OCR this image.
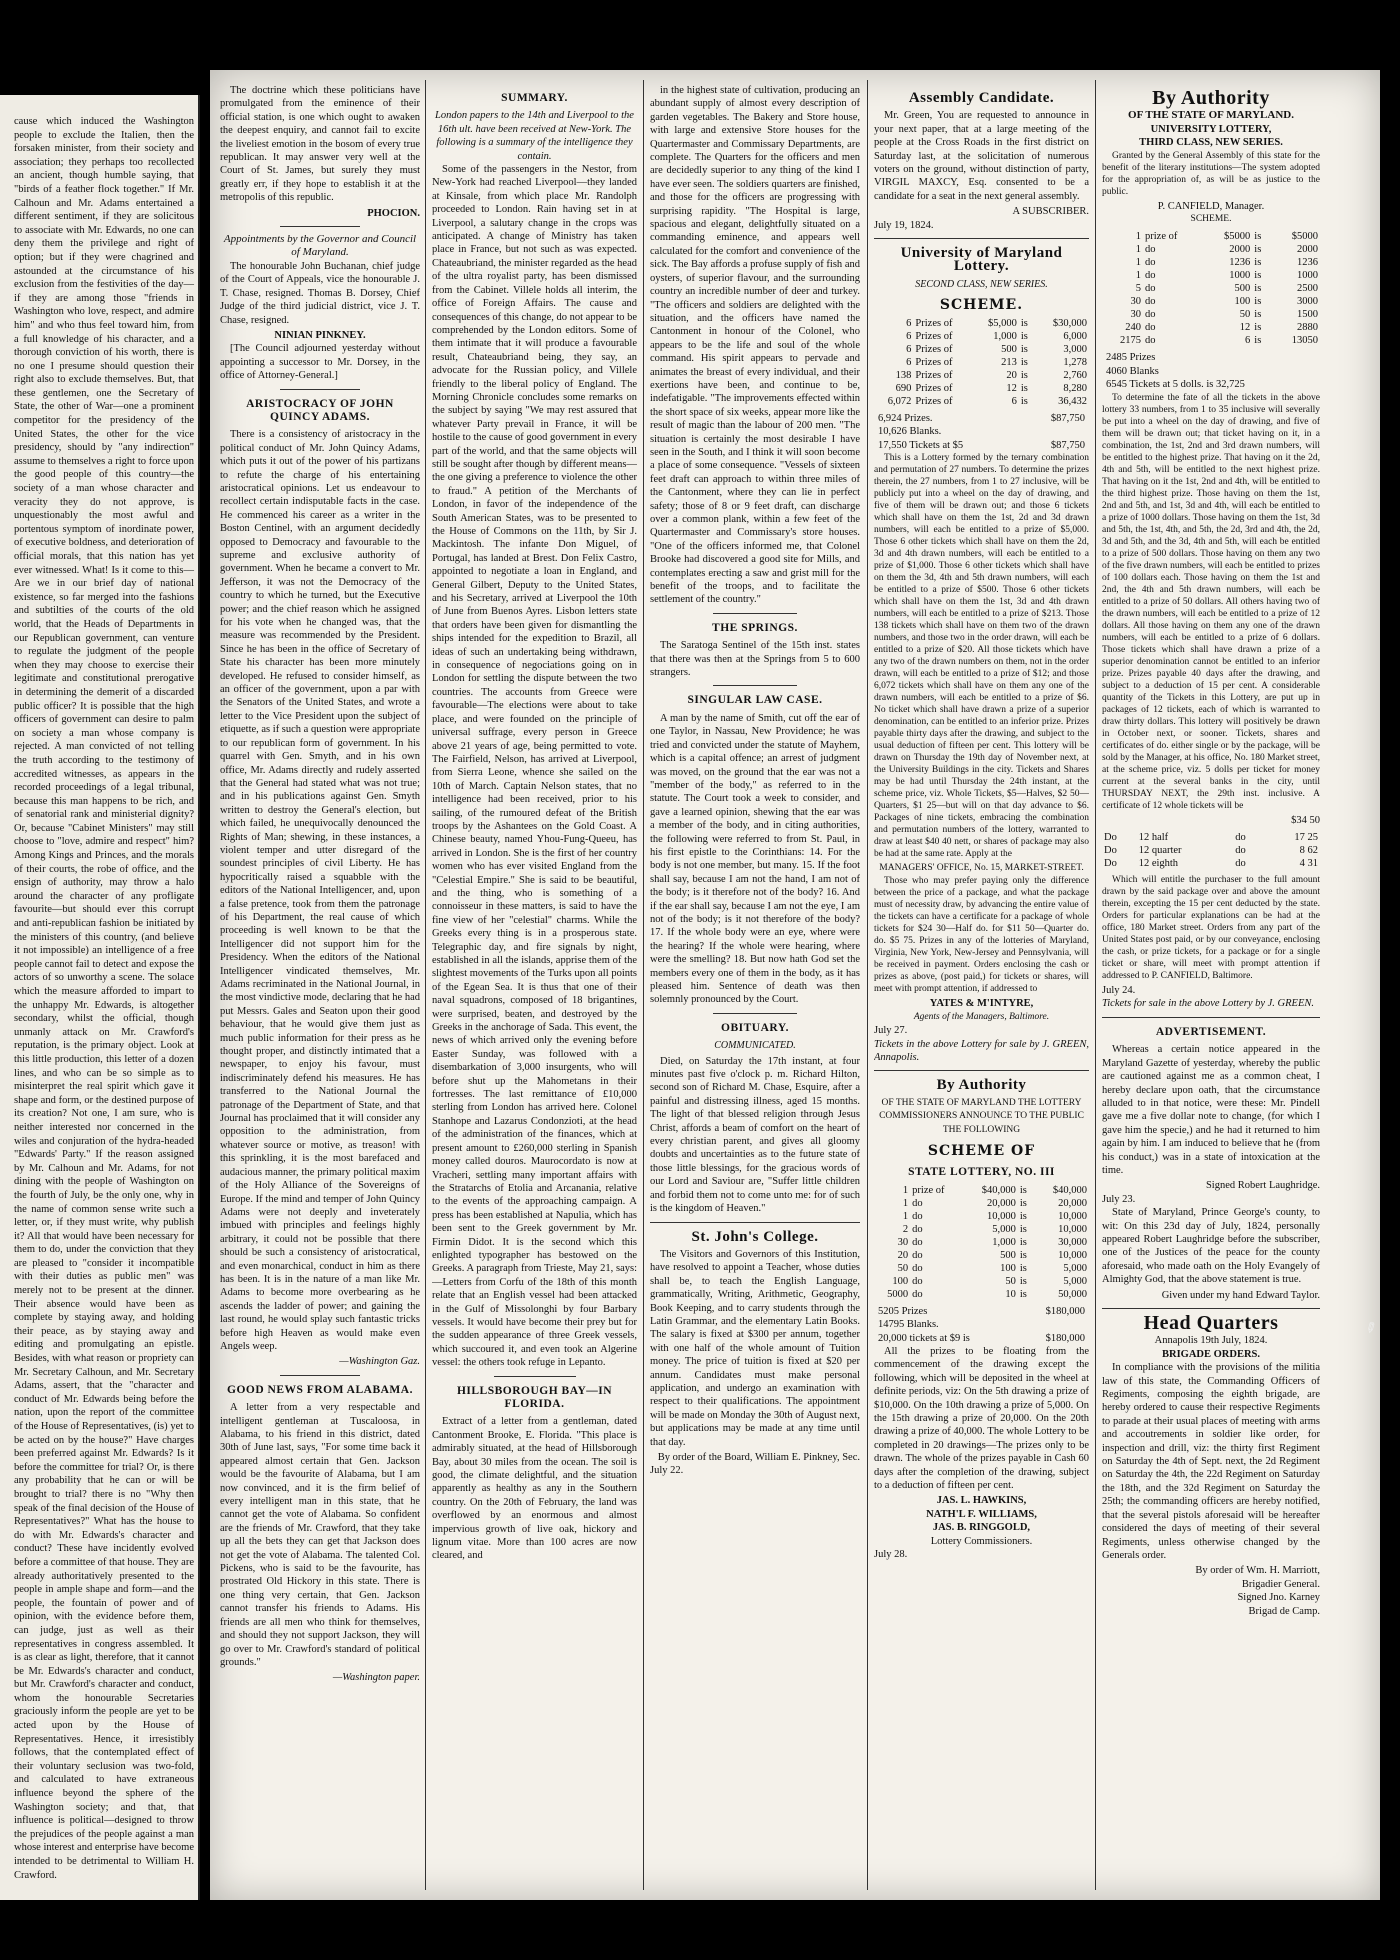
cause which induced the Washington people to exclude the Italien, then the forsaken minister, from their society and association; they perhaps too recollected an ancient, though humble saying, that "birds of a feather flock together." If Mr. Calhoun and Mr. Adams entertained a different sentiment, if they are solicitous to associate with Mr. Edwards, no one can deny them the privilege and right of option; but if they were chagrined and astounded at the circumstance of his exclusion from the festivities of the day—if they are among those "friends in Washington who love, respect, and admire him" and who thus feel toward him, from a full knowledge of his character, and a thorough conviction of his worth, there is no one I presume should question their right also to exclude themselves. But, that these gentlemen, one the Secretary of State, the other of War—one a prominent competitor for the presidency of the United States, the other for the vice presidency, should by "any indirection" assume to themselves a right to force upon the good people of this country—the society of a man whose character and veracity they do not approve, is unquestionably the most awful and portentous symptom of inordinate power, of executive boldness, and deterioration of official morals, that this nation has yet ever witnessed. What! Is it come to this—Are we in our brief day of national existence, so far merged into the fashions and subtilties of the courts of the old world, that the Heads of Departments in our Republican government, can venture to regulate the judgment of the people when they may choose to exercise their legitimate and constitutional prerogative in determining the demerit of a discarded public officer? It is possible that the high officers of government can desire to palm on society a man whose company is rejected. A man convicted of not telling the truth according to the testimony of accredited witnesses, as appears in the recorded proceedings of a legal tribunal, because this man happens to be rich, and of senatorial rank and ministerial dignity? Or, because "Cabinet Ministers" may still choose to "love, admire and respect" him? Among Kings and Princes, and the morals of their courts, the robe of office, and the ensign of authority, may throw a halo around the character of any profligate favourite—but should ever this corrupt and anti-republican fashion be initiated by the ministers of this country, (and believe it not impossible) an intelligence of a free people cannot fail to detect and expose the actors of so unworthy a scene. The solace which the measure afforded to impart to the unhappy Mr. Edwards, is altogether secondary, whilst the official, though unmanly attack on Mr. Crawford's reputation, is the primary object. Look at this little production, this letter of a dozen lines, and who can be so simple as to misinterpret the real spirit which gave it shape and form, or the destined purpose of its creation? Not one, I am sure, who is neither interested nor concerned in the wiles and conjuration of the hydra-headed "Edwards' Party." If the reason assigned by Mr. Calhoun and Mr. Adams, for not dining with the people of Washington on the fourth of July, be the only one, why in the name of common sense write such a letter, or, if they must write, why publish it? All that would have been necessary for them to do, under the conviction that they are pleased to "consider it incompatible with their duties as public men" was merely not to be present at the dinner. Their absence would have been as complete by staying away, and holding their peace, as by staying away and editing and promulgating an epistle. Besides, with what reason or propriety can Mr. Secretary Calhoun, and Mr. Secretary Adams, assert, that the "character and conduct of Mr. Edwards being before the nation, upon the report of the committee of the House of Representatives, (is) yet to be acted on by the house?" Have charges been preferred against Mr. Edwards? Is it before the committee for trial? Or, is there any probability that he can or will be brought to trial? there is no "Why then speak of the final decision of the House of Representatives?" What has the house to do with Mr. Edwards's character and conduct? These have incidently evolved before a committee of that house. They are already authoritatively presented to the people in ample shape and form—and the people, the fountain of power and of opinion, with the evidence before them, can judge, just as well as their representatives in congress assembled. It is as clear as light, therefore, that it cannot be Mr. Edwards's character and conduct, but Mr. Crawford's character and conduct, whom the honourable Secretaries graciously inform the people are yet to be acted upon by the House of Representatives. Hence, it irresistibly follows, that the contemplated effect of their voluntary seclusion was two-fold, and calculated to have extraneous influence beyond the sphere of the Washington society; and that, that influence is political—designed to throw the prejudices of the people against a man whose interest and enterprise have become intended to be detrimental to William H. Crawford.

The doctrine which these politicians have promulgated from the eminence of their official station, is one which ought to awaken the deepest enquiry, and cannot fail to excite the liveliest emotion in the bosom of every true republican. It may answer very well at the Court of St. James, but surely they must greatly err, if they hope to establish it at the metropolis of this republic.

PHOCION.
Appointments by the Governor and Council of Maryland.

The honourable John Buchanan, chief judge of the Court of Appeals, vice the honourable J. T. Chase, resigned. Thomas B. Dorsey, Chief Judge of the third judicial district, vice J. T. Chase, resigned.

NINIAN PINKNEY.

[The Council adjourned yesterday without appointing a successor to Mr. Dorsey, in the office of Attorney-General.]

ARISTOCRACY OF JOHN QUINCY ADAMS.

There is a consistency of aristocracy in the political conduct of Mr. John Quincy Adams, which puts it out of the power of his partizans to refute the charge of his entertaining aristocratical opinions. Let us endeavour to recollect certain indisputable facts in the case. He commenced his career as a writer in the Boston Centinel, with an argument decidedly opposed to Democracy and favourable to the supreme and exclusive authority of government. When he became a convert to Mr. Jefferson, it was not the Democracy of the country to which he turned, but the Executive power; and the chief reason which he assigned for his vote when he changed was, that the measure was recommended by the President. Since he has been in the office of Secretary of State his character has been more minutely developed. He refused to consider himself, as an officer of the government, upon a par with the Senators of the United States, and wrote a letter to the Vice President upon the subject of etiquette, as if such a question were appropriate to our republican form of government. In his quarrel with Gen. Smyth, and in his own office, Mr. Adams directly and rudely asserted that the General had stated what was not true; and in his publications against Gen. Smyth written to destroy the General's election, but which failed, he unequivocally denounced the Rights of Man; shewing, in these instances, a violent temper and utter disregard of the soundest principles of civil Liberty. He has hypocritically raised a squabble with the editors of the National Intelligencer, and, upon a false pretence, took from them the patronage of his Department, the real cause of which proceeding is well known to be that the Intelligencer did not support him for the Presidency. When the editors of the National Intelligencer vindicated themselves, Mr. Adams recriminated in the National Journal, in the most vindictive mode, declaring that he had put Messrs. Gales and Seaton upon their good behaviour, that he would give them just as much public information for their press as he thought proper, and distinctly intimated that a newspaper, to enjoy his favour, must indiscriminately defend his measures. He has transferred to the National Journal the patronage of the Department of State, and that Journal has proclaimed that it will consider any opposition to the administration, from whatever source or motive, as treason! with this sprinkling, it is the most barefaced and audacious manner, the primary political maxim of the Holy Alliance of the Sovereigns of Europe. If the mind and temper of John Quincy Adams were not deeply and inveterately imbued with principles and feelings highly arbitrary, it could not be possible that there should be such a consistency of aristocratical, and even monarchical, conduct in him as there has been. It is in the nature of a man like Mr. Adams to become more overbearing as he ascends the ladder of power; and gaining the last round, he would splay such fantastic tricks before high Heaven as would make even Angels weep.

—Washington Gaz.
GOOD NEWS FROM ALABAMA.

A letter from a very respectable and intelligent gentleman at Tuscaloosa, in Alabama, to his friend in this district, dated 30th of June last, says, "For some time back it appeared almost certain that Gen. Jackson would be the favourite of Alabama, but I am now convinced, and it is the firm belief of every intelligent man in this state, that he cannot get the vote of Alabama. So confident are the friends of Mr. Crawford, that they take up all the bets they can get that Jackson does not get the vote of Alabama. The talented Col. Pickens, who is said to be the favourite, has prostrated Old Hickory in this state. There is one thing very certain, that Gen. Jackson cannot transfer his friends to Adams. His friends are all men who think for themselves, and should they not support Jackson, they will go over to Mr. Crawford's standard of political grounds."

—Washington paper.
SUMMARY.
London papers to the 14th and Liverpool to the 16th ult. have been received at New-York. The following is a summary of the intelligence they contain.

Some of the passengers in the Nestor, from New-York had reached Liverpool—they landed at Kinsale, from which place Mr. Randolph proceeded to London. Rain having set in at Liverpool, a salutary change in the crops was anticipated. A change of Ministry has taken place in France, but not such as was expected. Chateaubriand, the minister regarded as the head of the ultra royalist party, has been dismissed from the Cabinet. Villele holds all interim, the office of Foreign Affairs. The cause and consequences of this change, do not appear to be comprehended by the London editors. Some of them intimate that it will produce a favourable result, Chateaubriand being, they say, an advocate for the Russian policy, and Villele friendly to the liberal policy of England. The Morning Chronicle concludes some remarks on the subject by saying "We may rest assured that whatever Party prevail in France, it will be hostile to the cause of good government in every part of the world, and that the same objects will still be sought after though by different means—the one giving a preference to violence the other to fraud." A petition of the Merchants of London, in favor of the independence of the South American States, was to be presented to the House of Commons on the 11th, by Sir J. Mackintosh. The infante Don Miguel, of Portugal, has landed at Brest. Don Felix Castro, appointed to negotiate a loan in England, and General Gilbert, Deputy to the United States, and his Secretary, arrived at Liverpool the 10th of June from Buenos Ayres. Lisbon letters state that orders have been given for dismantling the ships intended for the expedition to Brazil, all ideas of such an undertaking being withdrawn, in consequence of negociations going on in London for settling the dispute between the two countries. The accounts from Greece were favourable—The elections were about to take place, and were founded on the principle of universal suffrage, every person in Greece above 21 years of age, being permitted to vote. The Fairfield, Nelson, has arrived at Liverpool, from Sierra Leone, whence she sailed on the 10th of March. Captain Nelson states, that no intelligence had been received, prior to his sailing, of the rumoured defeat of the British troops by the Ashantees on the Gold Coast. A Chinese beauty, named Yhou-Fung-Queeu, has arrived in London. She is the first of her country women who has ever visited England from the "Celestial Empire." She is said to be beautiful, and the thing, who is something of a connoisseur in these matters, is said to have the fine view of her "celestial" charms. While the Greeks every thing is in a prosperous state. Telegraphic day, and fire signals by night, established in all the islands, apprise them of the slightest movements of the Turks upon all points of the Egean Sea. It is thus that one of their naval squadrons, composed of 18 brigantines, were surprised, beaten, and destroyed by the Greeks in the anchorage of Sada. This event, the news of which arrived only the evening before Easter Sunday, was followed with a disembarkation of 3,000 insurgents, who will before shut up the Mahometans in their fortresses. The last remittance of £10,000 sterling from London has arrived here. Colonel Stanhope and Lazarus Condonzioti, at the head of the administration of the finances, which at present amount to £260,000 sterling in Spanish money called douros. Maurocordato is now at Vracheri, settling many important affairs with the Stratarchs of Etolia and Arcanania, relative to the events of the approaching campaign. A press has been established at Napulia, which has been sent to the Greek government by Mr. Firmin Didot. It is the second which this enlighted typographer has bestowed on the Greeks. A paragraph from Trieste, May 21, says:—Letters from Corfu of the 18th of this month relate that an English vessel had been attacked in the Gulf of Missolonghi by four Barbary vessels. It would have become their prey but for the sudden appearance of three Greek vessels, which succoured it, and even took an Algerine vessel: the others took refuge in Lepanto.

HILLSBOROUGH BAY—IN FLORIDA.

Extract of a letter from a gentleman, dated Cantonment Brooke, E. Florida. "This place is admirably situated, at the head of Hillsborough Bay, about 30 miles from the ocean. The soil is good, the climate delightful, and the situation apparently as healthy as any in the Southern country. On the 20th of February, the land was overflowed by an enormous and almost impervious growth of live oak, hickory and lignum vitae. More than 100 acres are now cleared, and

in the highest state of cultivation, producing an abundant supply of almost every description of garden vegetables. The Bakery and Store house, with large and extensive Store houses for the Quartermaster and Commissary Departments, are complete. The Quarters for the officers and men are decidedly superior to any thing of the kind I have ever seen. The soldiers quarters are finished, and those for the officers are progressing with surprising rapidity. "The Hospital is large, spacious and elegant, delightfully situated on a commanding eminence, and appears well calculated for the comfort and convenience of the sick. The Bay affords a profuse supply of fish and oysters, of superior flavour, and the surrounding country an incredible number of deer and turkey. "The officers and soldiers are delighted with the situation, and the officers have named the Cantonment in honour of the Colonel, who appears to be the life and soul of the whole command. His spirit appears to pervade and animates the breast of every individual, and their exertions have been, and continue to be, indefatigable. "The improvements effected within the short space of six weeks, appear more like the result of magic than the labour of 200 men. "The situation is certainly the most desirable I have seen in the South, and I think it will soon become a place of some consequence. "Vessels of sixteen feet draft can approach to within three miles of the Cantonment, where they can lie in perfect safety; those of 8 or 9 feet draft, can discharge over a common plank, within a few feet of the Quartermaster and Commissary's store houses. "One of the officers informed me, that Colonel Brooke had discovered a good site for Mills, and contemplates erecting a saw and grist mill for the benefit of the troops, and to facilitate the settlement of the country."

THE SPRINGS.

The Saratoga Sentinel of the 15th inst. states that there was then at the Springs from 5 to 600 strangers.

SINGULAR LAW CASE.

A man by the name of Smith, cut off the ear of one Taylor, in Nassau, New Providence; he was tried and convicted under the statute of Mayhem, which is a capital offence; an arrest of judgment was moved, on the ground that the ear was not a "member of the body," as referred to in the statute. The Court took a week to consider, and gave a learned opinion, shewing that the ear was a member of the body, and in citing authorities, the following were referred to from St. Paul, in his first epistle to the Corinthians: 14. For the body is not one member, but many. 15. If the foot shall say, because I am not the hand, I am not of the body; is it therefore not of the body? 16. And if the ear shall say, because I am not the eye, I am not of the body; is it not therefore of the body? 17. If the whole body were an eye, where were the hearing? If the whole were hearing, where were the smelling? 18. But now hath God set the members every one of them in the body, as it has pleased him. Sentence of death was then solemnly pronounced by the Court.

OBITUARY.
COMMUNICATED.

Died, on Saturday the 17th instant, at four minutes past five o'clock p. m. Richard Hilton, second son of Richard M. Chase, Esquire, after a painful and distressing illness, aged 15 months. The light of that blessed religion through Jesus Christ, affords a beam of comfort on the heart of every christian parent, and gives all gloomy doubts and uncertainties as to the future state of those little blessings, for the gracious words of our Lord and Saviour are, "Suffer little children and forbid them not to come unto me: for of such is the kingdom of Heaven."

St. John's College.

The Visitors and Governors of this Institution, have resolved to appoint a Teacher, whose duties shall be, to teach the English Language, grammatically, Writing, Arithmetic, Geography, Book Keeping, and to carry students through the Latin Grammar, and the elementary Latin Books. The salary is fixed at $300 per annum, together with one half of the whole amount of Tuition money. The price of tuition is fixed at $20 per annum. Candidates must make personal application, and undergo an examination with respect to their qualifications. The appointment will be made on Monday the 30th of August next, but applications may be made at any time until that day.

By order of the Board, William E. Pinkney, Sec.
July 22.
Assembly Candidate.

Mr. Green, You are requested to announce in your next paper, that at a large meeting of the people at the Cross Roads in the first district on Saturday last, at the solicitation of numerous voters on the ground, without distinction of party, VIRGIL MAXCY, Esq. consented to be a candidate for a seat in the next general assembly.

A SUBSCRIBER.
July 19, 1824.
University of Maryland Lottery.
SECOND CLASS, NEW SERIES.
SCHEME.
6	Prizes of	$5,000	is	$30,000
6	Prizes of	1,000	is	6,000
6	Prizes of	500	is	3,000
6	Prizes of	213	is	1,278
138	Prizes of	20	is	2,760
690	Prizes of	12	is	8,280
6,072	Prizes of	6	is	36,432
6,924 Prizes.	$87,750
10,626 Blanks.
17,550 Tickets at $5	$87,750

This is a Lottery formed by the ternary combination and permutation of 27 numbers. To determine the prizes therein, the 27 numbers, from 1 to 27 inclusive, will be publicly put into a wheel on the day of drawing, and five of them will be drawn out; and those 6 tickets which shall have on them the 1st, 2d and 3d drawn numbers, will each be entitled to a prize of $5,000. Those 6 other tickets which shall have on them the 2d, 3d and 4th drawn numbers, will each be entitled to a prize of $1,000. Those 6 other tickets which shall have on them the 3d, 4th and 5th drawn numbers, will each be entitled to a prize of $500. Those 6 other tickets which shall have on them the 1st, 3d and 4th drawn numbers, will each be entitled to a prize of $213. Those 138 tickets which shall have on them two of the drawn numbers, and those two in the order drawn, will each be entitled to a prize of $20. All those tickets which have any two of the drawn numbers on them, not in the order drawn, will each be entitled to a prize of $12; and those 6,072 tickets which shall have on them any one of the drawn numbers, will each be entitled to a prize of $6. No ticket which shall have drawn a prize of a superior denomination, can be entitled to an inferior prize. Prizes payable thirty days after the drawing, and subject to the usual deduction of fifteen per cent. This lottery will be drawn on Thursday the 19th day of November next, at the University Buildings in the city. Tickets and Shares may be had until Thursday the 24th instant, at the scheme price, viz. Whole Tickets, $5—Halves, $2 50—Quarters, $1 25—but will on that day advance to $6. Packages of nine tickets, embracing the combination and permutation numbers of the lottery, warranted to draw at least $40 40 nett, or shares of package may also be had at the same rate. Apply at the

MANAGERS' OFFICE, No. 15, MARKET-STREET.

Those who may prefer paying only the difference between the price of a package, and what the package must of necessity draw, by advancing the entire value of the tickets can have a certificate for a package of whole tickets for $24 30—Half do. for $11 50—Quarter do. do. $5 75. Prizes in any of the lotteries of Maryland, Virginia, New York, New-Jersey and Pennsylvania, will be received in payment. Orders enclosing the cash or prizes as above, (post paid,) for tickets or shares, will meet with prompt attention, if addressed to

YATES & M'INTYRE,
Agents of the Managers, Baltimore.
July 27.
Tickets in the above Lottery for sale by J. GREEN, Annapolis.
By Authority
OF THE STATE OF MARYLAND THE LOTTERY COMMISSIONERS ANNOUNCE TO THE PUBLIC THE FOLLOWING
SCHEME OF
STATE LOTTERY, NO. III
1	prize of	$40,000	is	$40,000
1	do	20,000	is	20,000
1	do	10,000	is	10,000
2	do	5,000	is	10,000
30	do	1,000	is	30,000
20	do	500	is	10,000
50	do	100	is	5,000
100	do	50	is	5,000
5000	do	10	is	50,000
5205 Prizes	$180,000
14795 Blanks.
20,000 tickets at $9 is	$180,000

All the prizes to be floating from the commencement of the drawing except the following, which will be deposited in the wheel at definite periods, viz: On the 5th drawing a prize of $10,000. On the 10th drawing a prize of 5,000. On the 15th drawing a prize of 20,000. On the 20th drawing a prize of 40,000. The whole Lottery to be completed in 20 drawings—The prizes only to be drawn. The whole of the prizes payable in Cash 60 days after the completion of the drawing, subject to a deduction of fifteen per cent.

JAS. L. HAWKINS,
NATH'L F. WILLIAMS,
JAS. B. RINGGOLD,
Lottery Commissioners.
July 28.
By Authority
OF THE STATE OF MARYLAND.
UNIVERSITY LOTTERY,
THIRD CLASS, NEW SERIES.

Granted by the General Assembly of this state for the benefit of the literary institutions—The system adopted for the appropriation of, as will be as justice to the public.

P. CANFIELD, Manager.
SCHEME.
1	prize of	$5000	is	$5000
1	do	2000	is	2000
1	do	1236	is	1236
1	do	1000	is	1000
5	do	500	is	2500
30	do	100	is	3000
30	do	50	is	1500
240	do	12	is	2880
2175	do	6	is	13050
2485 Prizes
4060 Blanks
6545 Tickets at 5 dolls. is 32,725

To determine the fate of all the tickets in the above lottery 33 numbers, from 1 to 35 inclusive will severally be put into a wheel on the day of drawing, and five of them will be drawn out; that ticket having on it, in a combination, the 1st, 2nd and 3rd drawn numbers, will be entitled to the highest prize. That having on it the 2d, 4th and 5th, will be entitled to the next highest prize. That having on it the 1st, 2nd and 4th, will be entitled to the third highest prize. Those having on them the 1st, 2nd and 5th, and 1st, 3d and 4th, will each be entitled to a prize of 1000 dollars. Those having on them the 1st, 3d and 5th, the 1st, 4th, and 5th, the 2d, 3rd and 4th, the 2d, 3d and 5th, and the 3d, 4th and 5th, will each be entitled to a prize of 500 dollars. Those having on them any two of the five drawn numbers, will each be entitled to prizes of 100 dollars each. Those having on them the 1st and 2nd, the 4th and 5th drawn numbers, will each be entitled to a prize of 50 dollars. All others having two of the drawn numbers, will each be entitled to a prize of 12 dollars. All those having on them any one of the drawn numbers, will each be entitled to a prize of 6 dollars. Those tickets which shall have drawn a prize of a superior denomination cannot be entitled to an inferior prize. Prizes payable 40 days after the drawing, and subject to a deduction of 15 per cent. A considerable quantity of the Tickets in this Lottery, are put up in packages of 12 tickets, each of which is warranted to draw thirty dollars. This lottery will positively be drawn in October next, or sooner. Tickets, shares and certificates of do. either single or by the package, will be sold by the Manager, at his office, No. 180 Market street, at the scheme price, viz. 5 dolls per ticket for money current at the several banks in the city, until THURSDAY NEXT, the 29th inst. inclusive. A certificate of 12 whole tickets will be

$34 50
Do	12 half	do	17 25
Do	12 quarter	do	8 62
Do	12 eighth	do	4 31

Which will entitle the purchaser to the full amount drawn by the said package over and above the amount therein, excepting the 15 per cent deducted by the state. Orders for particular explanations can be had at the office, 180 Market street. Orders from any part of the United States post paid, or by our conveyance, enclosing the cash, or prize tickets, for a package or for a single ticket or share, will meet with prompt attention if addressed to P. CANFIELD, Baltimore.

July 24.
Tickets for sale in the above Lottery by J. GREEN.
ADVERTISEMENT.

Whereas a certain notice appeared in the Maryland Gazette of yesterday, whereby the public are cautioned against me as a common cheat, I hereby declare upon oath, that the circumstance alluded to in that notice, were these: Mr. Pindell gave me a five dollar note to change, (for which I gave him the specie,) and he had it returned to him again by him. I am induced to believe that he (from his conduct,) was in a state of intoxication at the time.

Signed Robert Laughridge.
July 23.

State of Maryland, Prince George's county, to wit: On this 23d day of July, 1824, personally appeared Robert Laughridge before the subscriber, one of the Justices of the peace for the county aforesaid, who made oath on the Holy Evangely of Almighty God, that the above statement is true.

Given under my hand Edward Taylor.
Head Quarters
Annapolis 19th July, 1824.
BRIGADE ORDERS.

In compliance with the provisions of the militia law of this state, the Commanding Officers of Regiments, composing the eighth brigade, are hereby ordered to cause their respective Regiments to parade at their usual places of meeting with arms and accoutrements in soldier like order, for inspection and drill, viz: the thirty first Regiment on Saturday the 4th of Sept. next, the 2d Regiment on Saturday the 4th, the 22d Regiment on Saturday the 18th, and the 32d Regiment on Saturday the 25th; the commanding officers are hereby notified, that the several pistols aforesaid will be hereafter considered the days of meeting of their several Regiments, unless otherwise changed by the Generals order.

By order of Wm. H. Marriott,
Brigadier General.
Signed Jno. Karney
Brigad de Camp.
✎
